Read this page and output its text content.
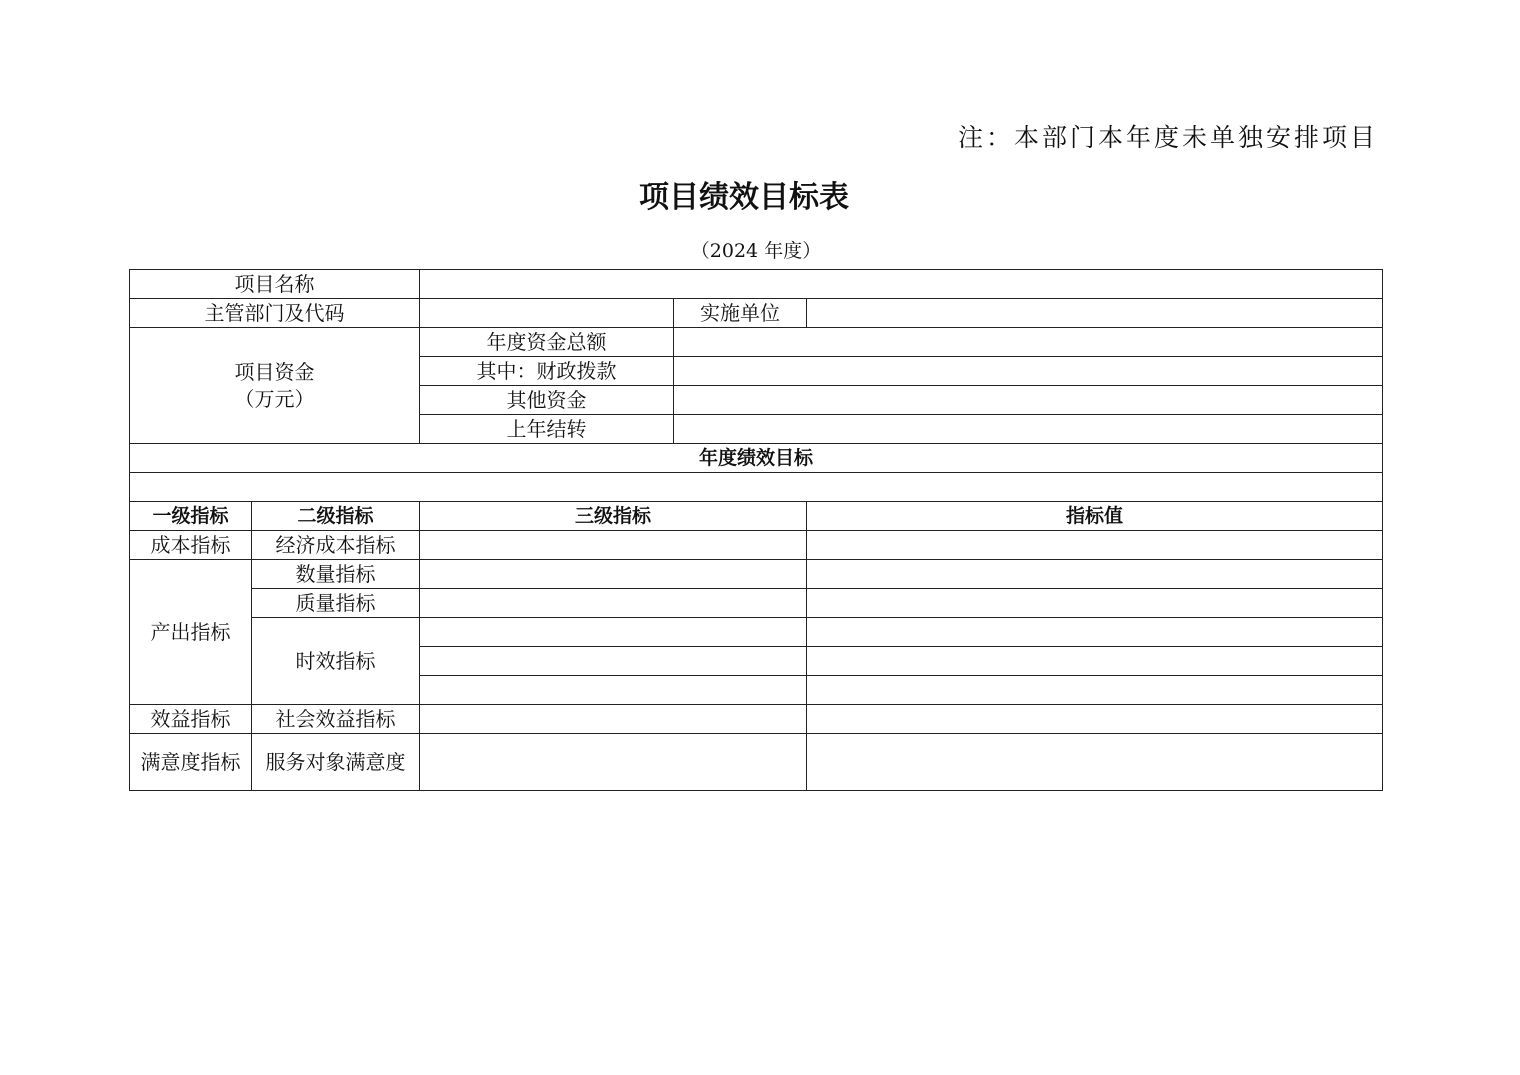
注：本部门本年度未单独安排项目
项目绩效目标表
（2024 年度）
项目名称				
主管部门及代码			实施单位	

项目资金
（万元）		年度资金总额		
		其中：财政拨款		
		其他资金		
		上年结转		
年度绩效目标				

一级指标	二级指标	三级指标		指标值
成本指标	经济成本指标			
产出指标	数量指标			
	质量指标			
	时效指标			

效益指标	社会效益指标			
满意度指标	服务对象满意度			
